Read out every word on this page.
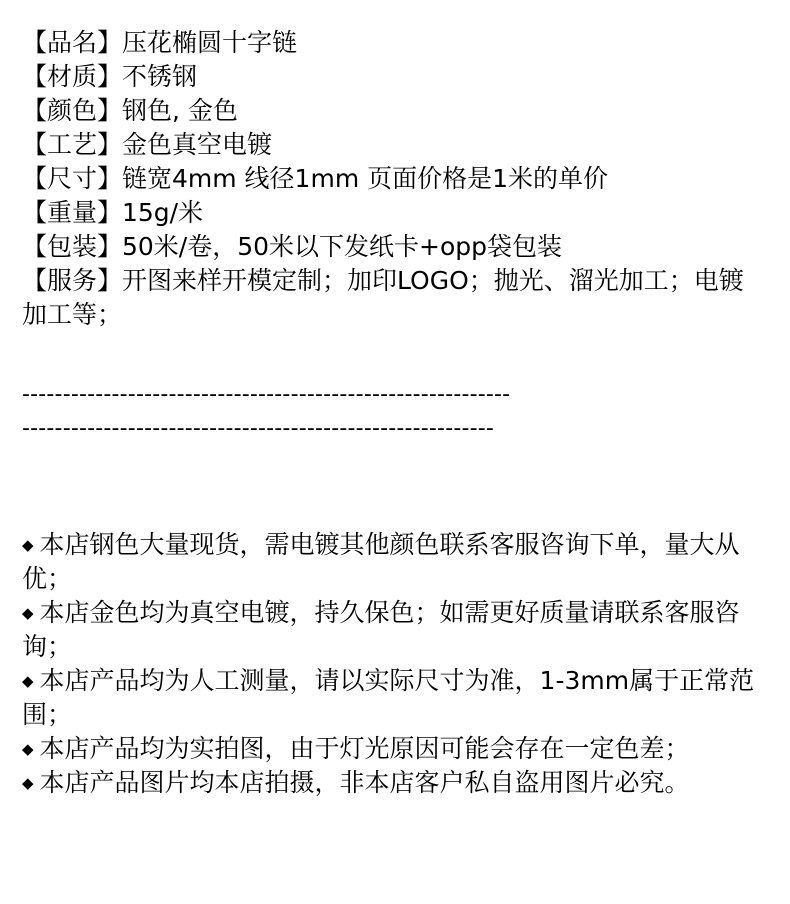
【品名】压花椭圆十字链
【材质】不锈钢
【颜色】钢色, 金色
【工艺】金色真空电镀
【尺寸】链宽4mm 线径1mm 页面价格是1米的单价
【重量】15g/米
【包装】50米/卷，50米以下发纸卡+opp袋包装
【服务】开图来样开模定制；加印LOGO；抛光、溜光加工；电镀加工等；
------------------------------------------------------------
----------------------------------------------------------
◆ 本店钢色大量现货，需电镀其他颜色联系客服咨询下单，量大从优；
◆ 本店金色均为真空电镀，持久保色；如需更好质量请联系客服咨询；
◆ 本店产品均为人工测量，请以实际尺寸为准，1-3mm属于正常范围；
◆ 本店产品均为实拍图，由于灯光原因可能会存在一定色差；
◆ 本店产品图片均本店拍摄，非本店客户私自盗用图片必究。
